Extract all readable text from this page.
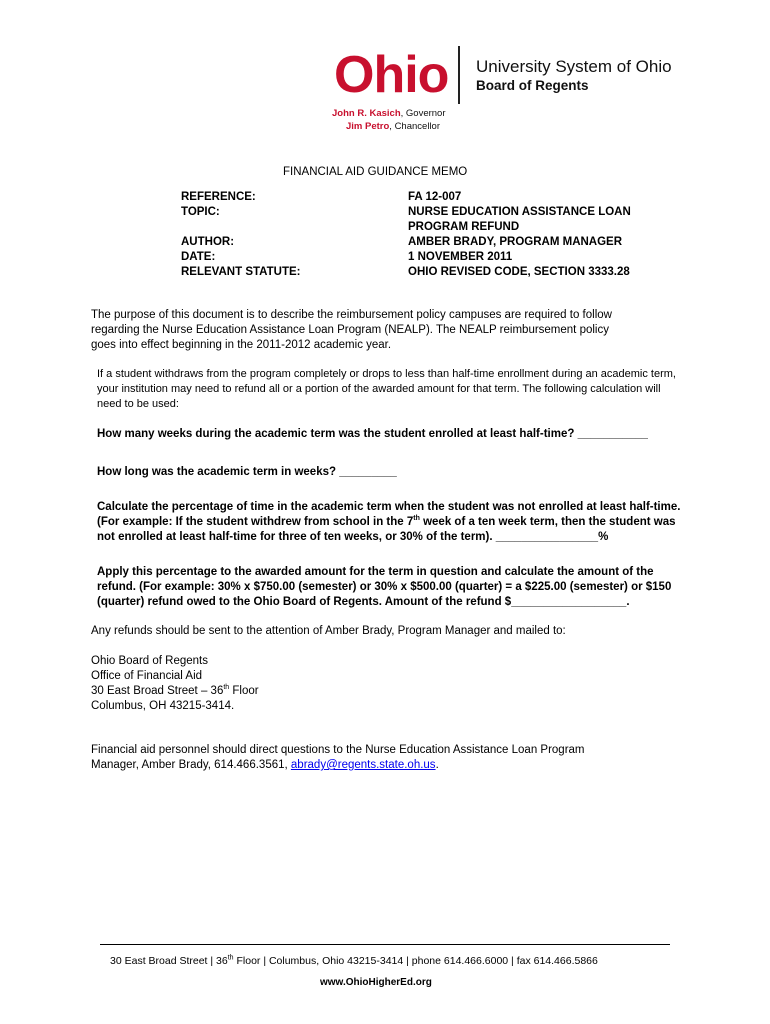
Ohio University System of Ohio
Board of Regents
John R. Kasich, Governor
Jim Petro, Chancellor
FINANCIAL AID GUIDANCE MEMO
REFERENCE:	FA 12-007
TOPIC:	NURSE EDUCATION ASSISTANCE LOAN
PROGRAM REFUND
AUTHOR:	AMBER BRADY, PROGRAM MANAGER
DATE:	1 NOVEMBER 2011
RELEVANT STATUTE:	OHIO REVISED CODE, SECTION 3333.28
The purpose of this document is to describe the reimbursement policy campuses are required to follow
regarding the Nurse Education Assistance Loan Program (NEALP). The NEALP reimbursement policy
goes into effect beginning in the 2011-2012 academic year.
If a student withdraws from the program completely or drops to less than half-time enrollment during an academic term,
your institution may need to refund all or a portion of the awarded amount for that term. The following calculation will
need to be used:
How many weeks during the academic term was the student enrolled at least half-time? ___________
How long was the academic term in weeks? _________
Calculate the percentage of time in the academic term when the student was not enrolled at least half-time.
(For example: If the student withdrew from school in the 7th week of a ten week term, then the student was
not enrolled at least half-time for three of ten weeks, or 30% of the term). ________________%
Apply this percentage to the awarded amount for the term in question and calculate the amount of the
refund. (For example: 30% x $750.00 (semester) or 30% x $500.00 (quarter) = a $225.00 (semester) or $150
(quarter) refund owed to the Ohio Board of Regents. Amount of the refund $__________________.
Any refunds should be sent to the attention of Amber Brady, Program Manager and mailed to:
Ohio Board of Regents
Office of Financial Aid
30 East Broad Street – 36th Floor
Columbus, OH 43215-3414.
Financial aid personnel should direct questions to the Nurse Education Assistance Loan Program
Manager, Amber Brady, 614.466.3561, abrady@regents.state.oh.us.
30 East Broad Street | 36th Floor | Columbus, Ohio 43215-3414 | phone 614.466.6000 | fax 614.466.5866
www.OhioHigherEd.org
